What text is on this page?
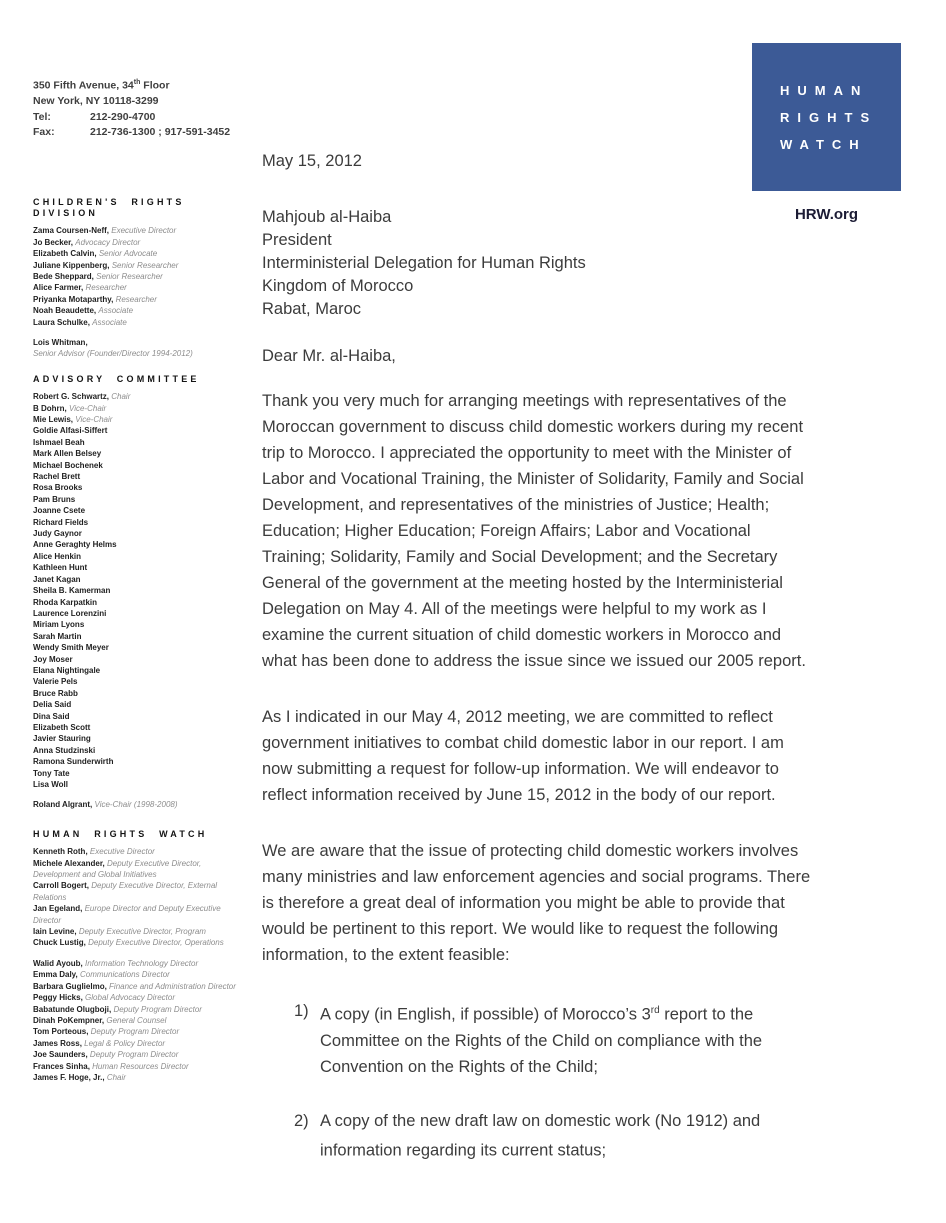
350 Fifth Avenue, 34th Floor
New York, NY 10118-3299
Tel:	212-290-4700
Fax:	212-736-1300 ; 917-591-3452
CHILDREN'S RIGHTS DIVISION
Zama Coursen-Neff, Executive Director
Jo Becker, Advocacy Director
Elizabeth Calvin, Senior Advocate
Juliane Kippenberg, Senior Researcher
Bede Sheppard, Senior Researcher
Alice Farmer, Researcher
Priyanka Motaparthy, Researcher
Noah Beaudette, Associate
Laura Schulke, Associate
Lois Whitman,
Senior Advisor (Founder/Director 1994-2012)
ADVISORY COMMITTEE
Robert G. Schwartz, Chair
B Dohrn, Vice-Chair
Mie Lewis, Vice-Chair
Goldie Alfasi-Siffert
Ishmael Beah
Mark Allen Belsey
Michael Bochenek
Rachel Brett
Rosa Brooks
Pam Bruns
Joanne Csete
Richard Fields
Judy Gaynor
Anne Geraghty Helms
Alice Henkin
Kathleen Hunt
Janet Kagan
Sheila B. Kamerman
Rhoda Karpatkin
Laurence Lorenzini
Miriam Lyons
Sarah Martin
Wendy Smith Meyer
Joy Moser
Elana Nightingale
Valerie Pels
Bruce Rabb
Delia Said
Dina Said
Elizabeth Scott
Javier Stauring
Anna Studzinski
Ramona Sunderwirth
Tony Tate
Lisa Woll
Roland Algrant, Vice-Chair (1998-2008)
HUMAN RIGHTS WATCH
Kenneth Roth, Executive Director
Michele Alexander, Deputy Executive Director, Development and Global Initiatives
Carroll Bogert, Deputy Executive Director, External Relations
Jan Egeland, Europe Director and Deputy Executive Director
Iain Levine, Deputy Executive Director, Program
Chuck Lustig, Deputy Executive Director, Operations
Walid Ayoub, Information Technology Director
Emma Daly, Communications Director
Barbara Guglielmo, Finance and Administration Director
Peggy Hicks, Global Advocacy Director
Babatunde Olugboji, Deputy Program Director
Dinah PoKempner, General Counsel
Tom Porteous, Deputy Program Director
James Ross, Legal & Policy Director
Joe Saunders, Deputy Program Director
Frances Sinha, Human Resources Director
James F. Hoge, Jr., Chair
HUMAN
RIGHTS
WATCH
HRW.org

May 15, 2012

Mahjoub al-Haiba
President
Interministerial Delegation for Human Rights
Kingdom of Morocco
Rabat, Maroc

Dear Mr. al-Haiba,

Thank you very much for arranging meetings with representatives of the Moroccan government to discuss child domestic workers during my recent trip to Morocco. I appreciated the opportunity to meet with the Minister of Labor and Vocational Training, the Minister of Solidarity, Family and Social Development, and representatives of the ministries of Justice; Health; Education; Higher Education; Foreign Affairs; Labor and Vocational Training; Solidarity, Family and Social Development; and the Secretary General of the government at the meeting hosted by the Interministerial Delegation on May 4. All of the meetings were helpful to my work as I examine the current situation of child domestic workers in Morocco and what has been done to address the issue since we issued our 2005 report.

As I indicated in our May 4, 2012 meeting, we are committed to reflect government initiatives to combat child domestic labor in our report. I am now submitting a request for follow-up information. We will endeavor to reflect information received by June 15, 2012 in the body of our report.

We are aware that the issue of protecting child domestic workers involves many ministries and law enforcement agencies and social programs. There is therefore a great deal of information you might be able to provide that would be pertinent to this report. We would like to request the following information, to the extent feasible:

1) A copy (in English, if possible) of Morocco’s 3rd report to the Committee on the Rights of the Child on compliance with the Convention on the Rights of the Child;
2) A copy of the new draft law on domestic work (No 1912) and information regarding its current status;
